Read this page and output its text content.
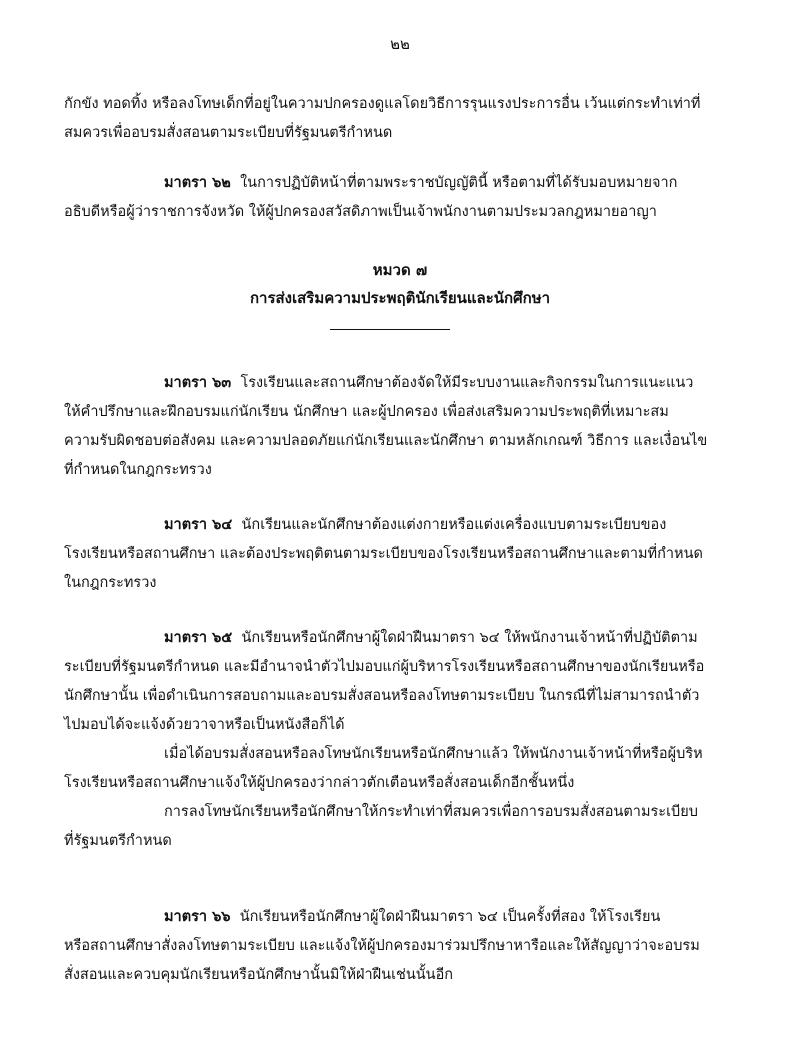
๒๒
กักขัง ทอดทิ้ง หรือลงโทษเด็กที่อยู่ในความปกครองดูแลโดยวิธีการรุนแรงประการอื่น เว้นแต่กระทำเท่าที่
สมควรเพื่ออบรมสั่งสอนตามระเบียบที่รัฐมนตรีกำหนด
มาตรา ๖๒ ในการปฏิบัติหน้าที่ตามพระราชบัญญัตินี้ หรือตามที่ได้รับมอบหมายจาก
อธิบดีหรือผู้ว่าราชการจังหวัด ให้ผู้ปกครองสวัสดิภาพเป็นเจ้าพนักงานตามประมวลกฎหมายอาญา
หมวด ๗
การส่งเสริมความประพฤตินักเรียนและนักศึกษา
มาตรา ๖๓ โรงเรียนและสถานศึกษาต้องจัดให้มีระบบงานและกิจกรรมในการแนะแนว
ให้คำปรึกษาและฝึกอบรมแก่นักเรียน นักศึกษา และผู้ปกครอง เพื่อส่งเสริมความประพฤติที่เหมาะสม
ความรับผิดชอบต่อสังคม และความปลอดภัยแก่นักเรียนและนักศึกษา ตามหลักเกณฑ์ วิธีการ และเงื่อนไข
ที่กำหนดในกฎกระทรวง
มาตรา ๖๔ นักเรียนและนักศึกษาต้องแต่งกายหรือแต่งเครื่องแบบตามระเบียบของ
โรงเรียนหรือสถานศึกษา และต้องประพฤติตนตามระเบียบของโรงเรียนหรือสถานศึกษาและตามที่กำหนด
ในกฎกระทรวง
มาตรา ๖๕ นักเรียนหรือนักศึกษาผู้ใดฝ่าฝืนมาตรา ๖๔ ให้พนักงานเจ้าหน้าที่ปฏิบัติตาม
ระเบียบที่รัฐมนตรีกำหนด และมีอำนาจนำตัวไปมอบแก่ผู้บริหารโรงเรียนหรือสถานศึกษาของนักเรียนหรือ
นักศึกษานั้น เพื่อดำเนินการสอบถามและอบรมสั่งสอนหรือลงโทษตามระเบียบ ในกรณีที่ไม่สามารถนำตัว
ไปมอบได้จะแจ้งด้วยวาจาหรือเป็นหนังสือก็ได้
เมื่อได้อบรมสั่งสอนหรือลงโทษนักเรียนหรือนักศึกษาแล้ว ให้พนักงานเจ้าหน้าที่หรือผู้บริห
โรงเรียนหรือสถานศึกษาแจ้งให้ผู้ปกครองว่ากล่าวตักเตือนหรือสั่งสอนเด็กอีกชั้นหนึ่ง
การลงโทษนักเรียนหรือนักศึกษาให้กระทำเท่าที่สมควรเพื่อการอบรมสั่งสอนตามระเบียบ
ที่รัฐมนตรีกำหนด
มาตรา ๖๖ นักเรียนหรือนักศึกษาผู้ใดฝ่าฝืนมาตรา ๖๔ เป็นครั้งที่สอง ให้โรงเรียน
หรือสถานศึกษาสั่งลงโทษตามระเบียบ และแจ้งให้ผู้ปกครองมาร่วมปรึกษาหารือและให้สัญญาว่าจะอบรม
สั่งสอนและควบคุมนักเรียนหรือนักศึกษานั้นมิให้ฝ่าฝืนเช่นนั้นอีก
